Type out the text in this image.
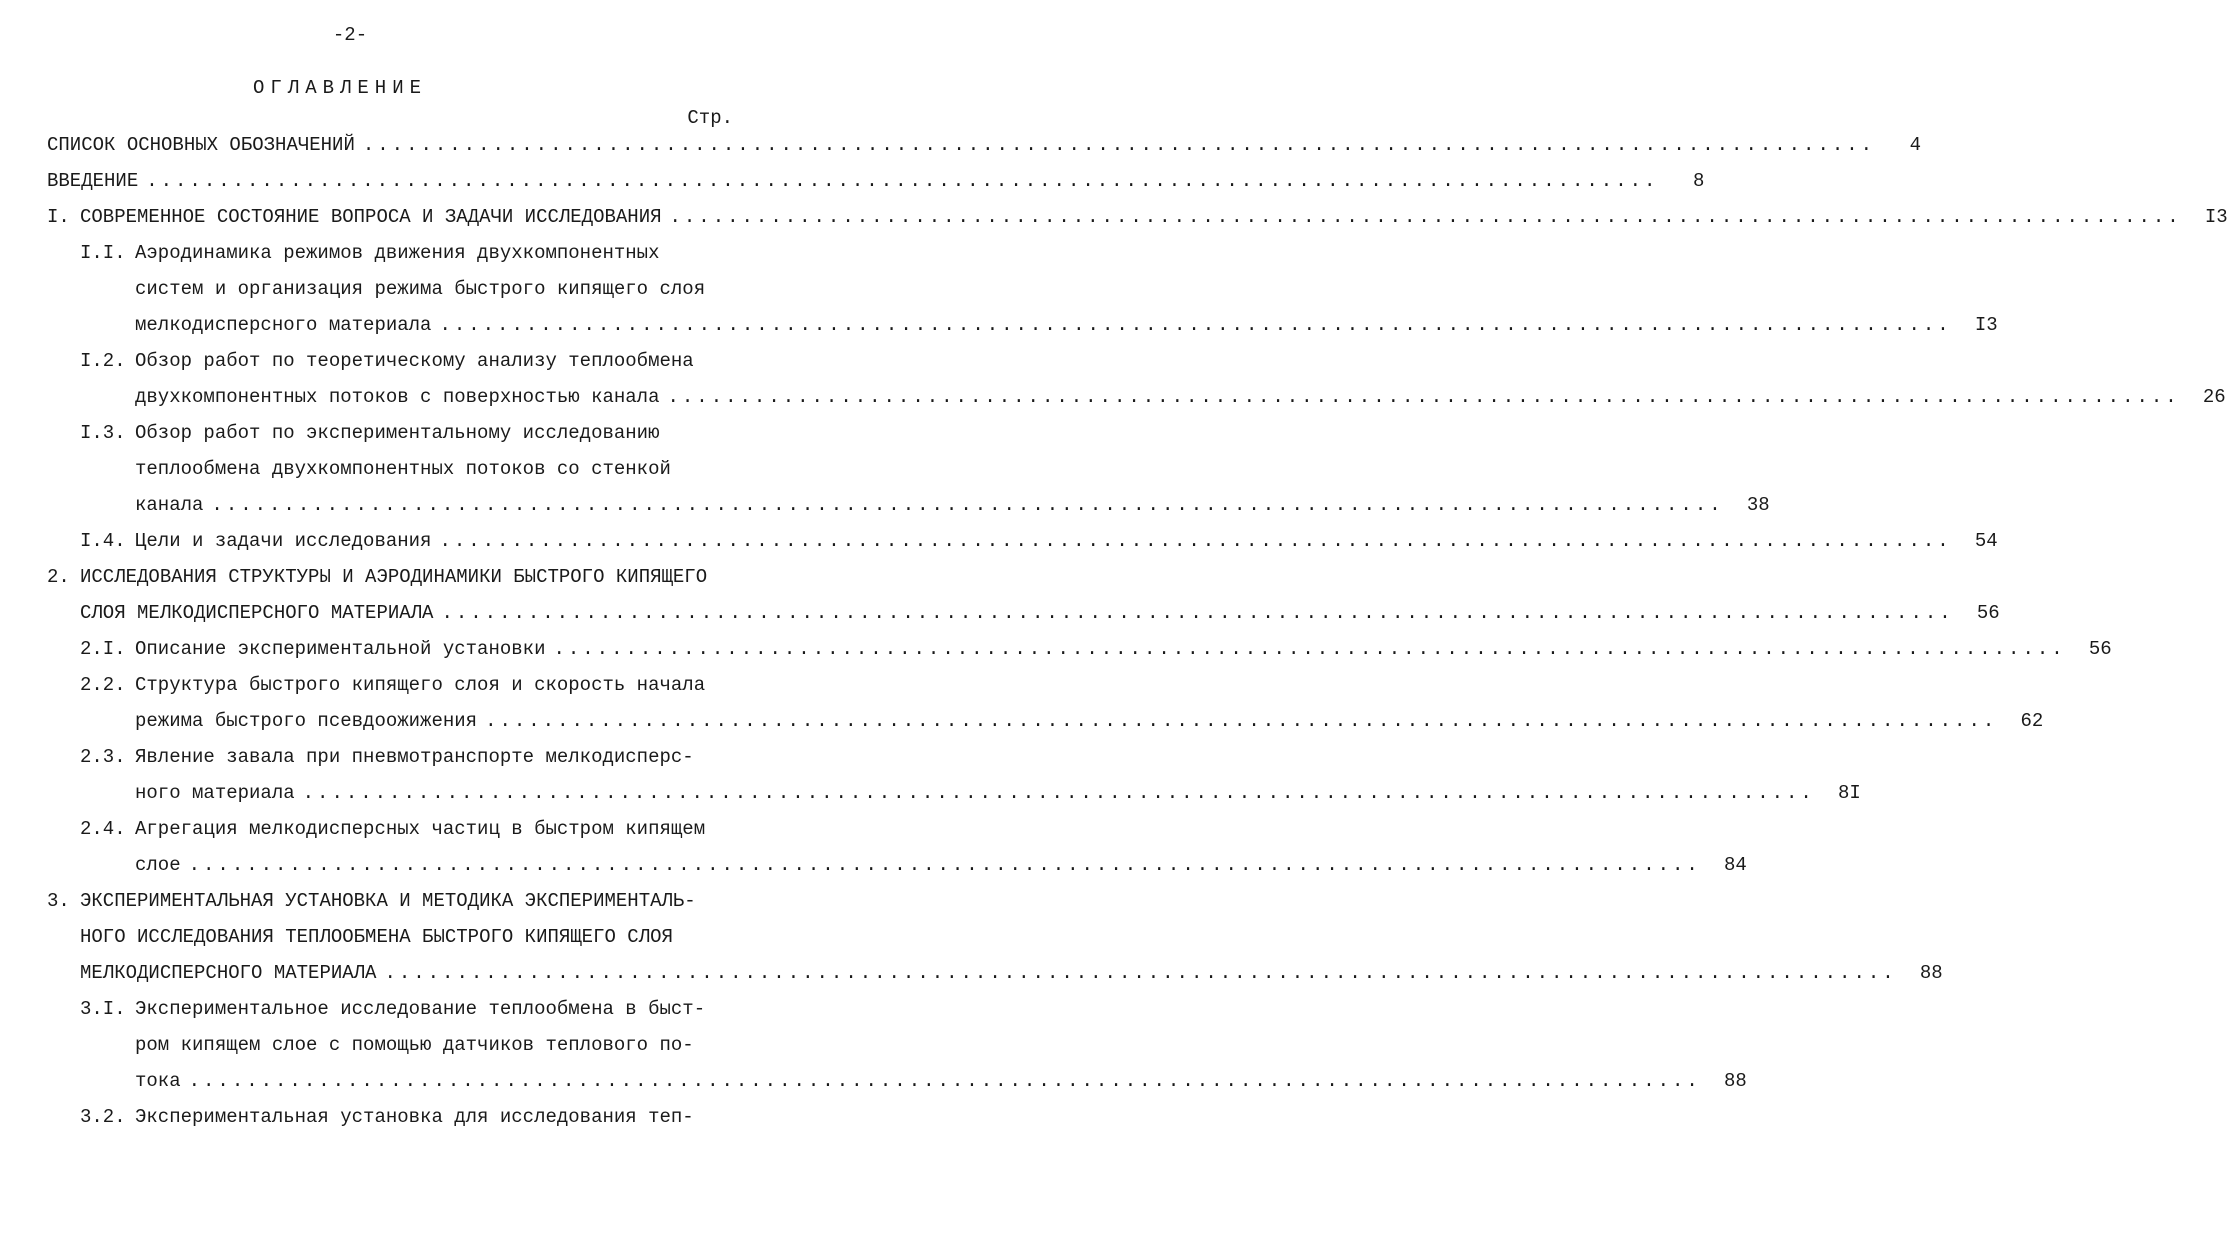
-2-
ОГЛАВЛЕНИЕ
Стр.
СПИСОК ОСНОВНЫХ ОБОЗНАЧЕНИЙ .........................................................................................................	4
ВВЕДЕНИЕ .........................................................................................................	8
I. СОВРЕМЕННОЕ СОСТОЯНИЕ ВОПРОСА И ЗАДАЧИ ИССЛЕДОВАНИЯ .........................................................................................................	I3
I.I. Аэродинамика режимов движения двухкомпонентных
систем и организация режима быстрого кипящего слоя
мелкодисперсного материала .........................................................................................................	I3
I.2. Обзор работ по теоретическому анализу теплообмена
двухкомпонентных потоков с поверхностью канала .........................................................................................................	26
I.3. Обзор работ по экспериментальному исследованию
теплообмена двухкомпонентных потоков со стенкой
канала .........................................................................................................	38
I.4. Цели и задачи исследования .........................................................................................................	54
2. ИССЛЕДОВАНИЯ СТРУКТУРЫ И АЭРОДИНАМИКИ БЫСТРОГО КИПЯЩЕГО
СЛОЯ МЕЛКОДИСПЕРСНОГО МАТЕРИАЛА .........................................................................................................	56
2.I. Описание экспериментальной установки .........................................................................................................	56
2.2. Структура быстрого кипящего слоя и скорость начала
режима быстрого псевдоожижения .........................................................................................................	62
2.3. Явление завала при пневмотранспорте мелкодисперс-
ного материала .........................................................................................................	8I
2.4. Агрегация мелкодисперсных частиц в быстром кипящем
слое .........................................................................................................	84
3. ЭКСПЕРИМЕНТАЛЬНАЯ УСТАНОВКА И МЕТОДИКА ЭКСПЕРИМЕНТАЛЬ-
НОГО ИССЛЕДОВАНИЯ ТЕПЛООБМЕНА БЫСТРОГО КИПЯЩЕГО СЛОЯ
МЕЛКОДИСПЕРСНОГО МАТЕРИАЛА .........................................................................................................	88
3.I. Экспериментальное исследование теплообмена в быст-
ром кипящем слое с помощью датчиков теплового по-
тока .........................................................................................................	88
3.2. Экспериментальная установка для исследования теп-
